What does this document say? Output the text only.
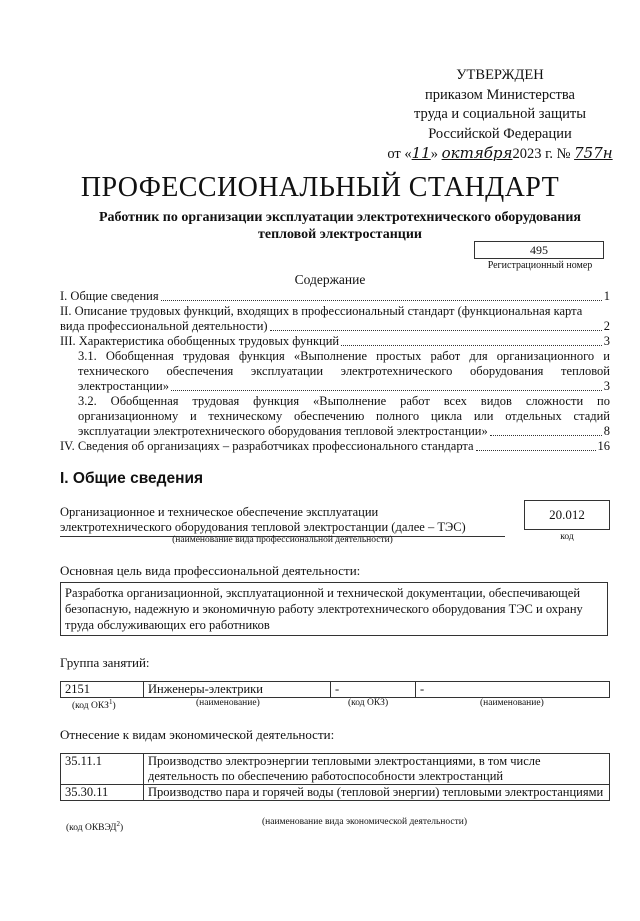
УТВЕРЖДЕН
приказом Министерства
труда и социальной защиты
Российской Федерации
от «11» октября2023 г. № 757н
ПРОФЕССИОНАЛЬНЫЙ СТАНДАРТ
Работник по организации эксплуатации электротехнического оборудования
тепловой электростанции
495
Регистрационный номер
Содержание
I. Общие сведения	1
II. Описание трудовых функций, входящих в профессиональный стандарт (функциональная карта
вида профессиональной деятельности)	2
III. Характеристика обобщенных трудовых функций	3
3.1. Обобщенная трудовая функция «Выполнение простых работ для организационного и технического обеспечения эксплуатации электротехнического оборудования тепловой
электростанции»	3
3.2. Обобщенная трудовая функция «Выполнение работ всех видов сложности по организационному и техническому обеспечению полного цикла или отдельных стадий
эксплуатации электротехнического оборудования тепловой электростанции»	8
IV. Сведения об организациях – разработчиках профессионального стандарта	16
I. Общие сведения
Организационное и техническое обеспечение эксплуатации
электротехнического оборудования тепловой электростанции (далее – ТЭС)
(наименование вида профессиональной деятельности)
20.012
код
Основная цель вида профессиональной деятельности:
Разработка организационной, эксплуатационной и технической документации, обеспечивающей безопасную, надежную и экономичную работу электротехнического оборудования ТЭС и охрану труда обслуживающих его работников
Группа занятий:
2151	Инженеры-электрики	-	-
(код ОКЗ$^1$)	(наименование)	(код ОКЗ)	(наименование)
Отнесение к видам экономической деятельности:
35.11.1	Производство электроэнергии тепловыми электростанциями, в том числе деятельность по обеспечению работоспособности электростанций
35.30.11	Производство пара и горячей воды (тепловой энергии) тепловыми электростанциями
(код ОКВЭД$^2$)
(наименование вида экономической деятельности)
